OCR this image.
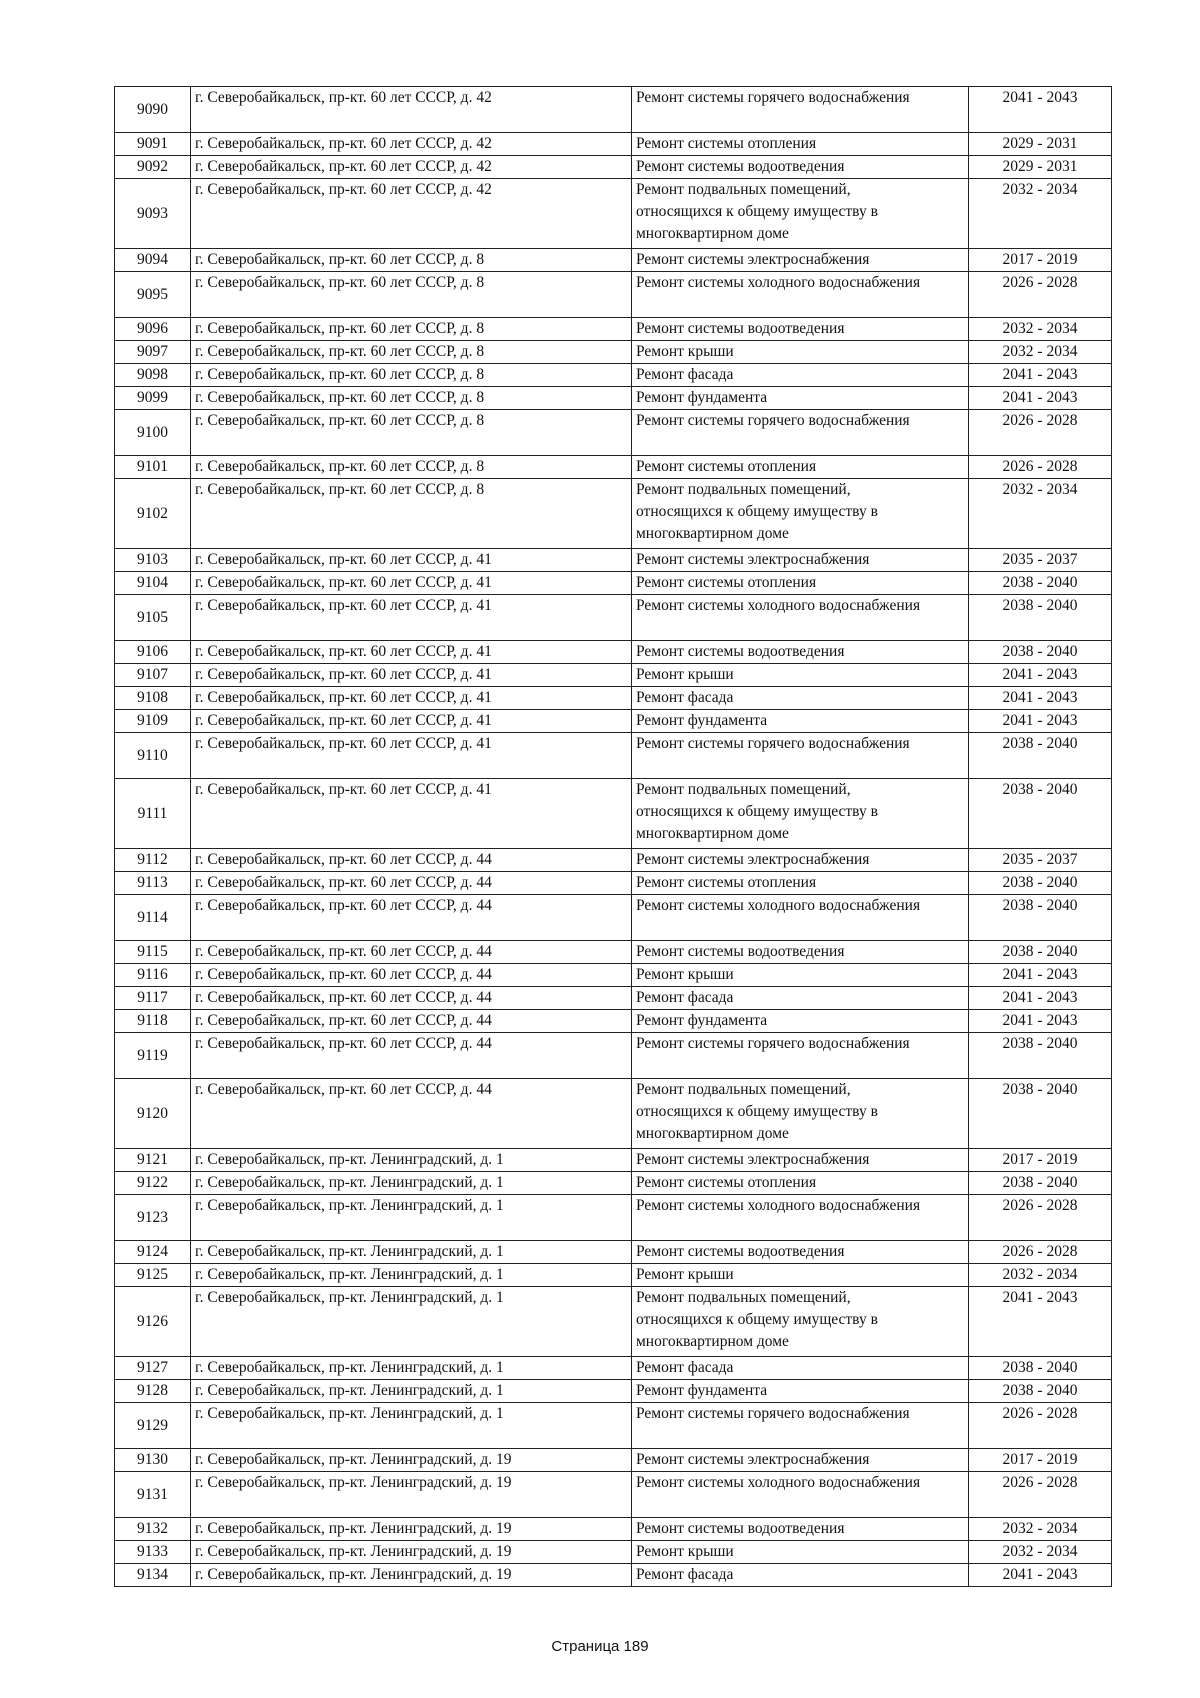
9090	г. Северобайкальск, пр-кт. 60 лет СССР, д. 42	Ремонт системы горячего водоснабжения	2041 - 2043
9091	г. Северобайкальск, пр-кт. 60 лет СССР, д. 42	Ремонт системы отопления	2029 - 2031
9092	г. Северобайкальск, пр-кт. 60 лет СССР, д. 42	Ремонт системы водоотведения	2029 - 2031
9093	г. Северобайкальск, пр-кт. 60 лет СССР, д. 42	Ремонт подвальных помещений,
относящихся к общему имуществу в
многоквартирном доме	2032 - 2034
9094	г. Северобайкальск, пр-кт. 60 лет СССР, д. 8	Ремонт системы электроснабжения	2017 - 2019
9095	г. Северобайкальск, пр-кт. 60 лет СССР, д. 8	Ремонт системы холодного водоснабжения	2026 - 2028
9096	г. Северобайкальск, пр-кт. 60 лет СССР, д. 8	Ремонт системы водоотведения	2032 - 2034
9097	г. Северобайкальск, пр-кт. 60 лет СССР, д. 8	Ремонт крыши	2032 - 2034
9098	г. Северобайкальск, пр-кт. 60 лет СССР, д. 8	Ремонт фасада	2041 - 2043
9099	г. Северобайкальск, пр-кт. 60 лет СССР, д. 8	Ремонт фундамента	2041 - 2043
9100	г. Северобайкальск, пр-кт. 60 лет СССР, д. 8	Ремонт системы горячего водоснабжения	2026 - 2028
9101	г. Северобайкальск, пр-кт. 60 лет СССР, д. 8	Ремонт системы отопления	2026 - 2028
9102	г. Северобайкальск, пр-кт. 60 лет СССР, д. 8	Ремонт подвальных помещений,
относящихся к общему имуществу в
многоквартирном доме	2032 - 2034
9103	г. Северобайкальск, пр-кт. 60 лет СССР, д. 41	Ремонт системы электроснабжения	2035 - 2037
9104	г. Северобайкальск, пр-кт. 60 лет СССР, д. 41	Ремонт системы отопления	2038 - 2040
9105	г. Северобайкальск, пр-кт. 60 лет СССР, д. 41	Ремонт системы холодного водоснабжения	2038 - 2040
9106	г. Северобайкальск, пр-кт. 60 лет СССР, д. 41	Ремонт системы водоотведения	2038 - 2040
9107	г. Северобайкальск, пр-кт. 60 лет СССР, д. 41	Ремонт крыши	2041 - 2043
9108	г. Северобайкальск, пр-кт. 60 лет СССР, д. 41	Ремонт фасада	2041 - 2043
9109	г. Северобайкальск, пр-кт. 60 лет СССР, д. 41	Ремонт фундамента	2041 - 2043
9110	г. Северобайкальск, пр-кт. 60 лет СССР, д. 41	Ремонт системы горячего водоснабжения	2038 - 2040
9111	г. Северобайкальск, пр-кт. 60 лет СССР, д. 41	Ремонт подвальных помещений,
относящихся к общему имуществу в
многоквартирном доме	2038 - 2040
9112	г. Северобайкальск, пр-кт. 60 лет СССР, д. 44	Ремонт системы электроснабжения	2035 - 2037
9113	г. Северобайкальск, пр-кт. 60 лет СССР, д. 44	Ремонт системы отопления	2038 - 2040
9114	г. Северобайкальск, пр-кт. 60 лет СССР, д. 44	Ремонт системы холодного водоснабжения	2038 - 2040
9115	г. Северобайкальск, пр-кт. 60 лет СССР, д. 44	Ремонт системы водоотведения	2038 - 2040
9116	г. Северобайкальск, пр-кт. 60 лет СССР, д. 44	Ремонт крыши	2041 - 2043
9117	г. Северобайкальск, пр-кт. 60 лет СССР, д. 44	Ремонт фасада	2041 - 2043
9118	г. Северобайкальск, пр-кт. 60 лет СССР, д. 44	Ремонт фундамента	2041 - 2043
9119	г. Северобайкальск, пр-кт. 60 лет СССР, д. 44	Ремонт системы горячего водоснабжения	2038 - 2040
9120	г. Северобайкальск, пр-кт. 60 лет СССР, д. 44	Ремонт подвальных помещений,
относящихся к общему имуществу в
многоквартирном доме	2038 - 2040
9121	г. Северобайкальск, пр-кт. Ленинградский, д. 1	Ремонт системы электроснабжения	2017 - 2019
9122	г. Северобайкальск, пр-кт. Ленинградский, д. 1	Ремонт системы отопления	2038 - 2040
9123	г. Северобайкальск, пр-кт. Ленинградский, д. 1	Ремонт системы холодного водоснабжения	2026 - 2028
9124	г. Северобайкальск, пр-кт. Ленинградский, д. 1	Ремонт системы водоотведения	2026 - 2028
9125	г. Северобайкальск, пр-кт. Ленинградский, д. 1	Ремонт крыши	2032 - 2034
9126	г. Северобайкальск, пр-кт. Ленинградский, д. 1	Ремонт подвальных помещений,
относящихся к общему имуществу в
многоквартирном доме	2041 - 2043
9127	г. Северобайкальск, пр-кт. Ленинградский, д. 1	Ремонт фасада	2038 - 2040
9128	г. Северобайкальск, пр-кт. Ленинградский, д. 1	Ремонт фундамента	2038 - 2040
9129	г. Северобайкальск, пр-кт. Ленинградский, д. 1	Ремонт системы горячего водоснабжения	2026 - 2028
9130	г. Северобайкальск, пр-кт. Ленинградский, д. 19	Ремонт системы электроснабжения	2017 - 2019
9131	г. Северобайкальск, пр-кт. Ленинградский, д. 19	Ремонт системы холодного водоснабжения	2026 - 2028
9132	г. Северобайкальск, пр-кт. Ленинградский, д. 19	Ремонт системы водоотведения	2032 - 2034
9133	г. Северобайкальск, пр-кт. Ленинградский, д. 19	Ремонт крыши	2032 - 2034
9134	г. Северобайкальск, пр-кт. Ленинградский, д. 19	Ремонт фасада	2041 - 2043
Страница 189
